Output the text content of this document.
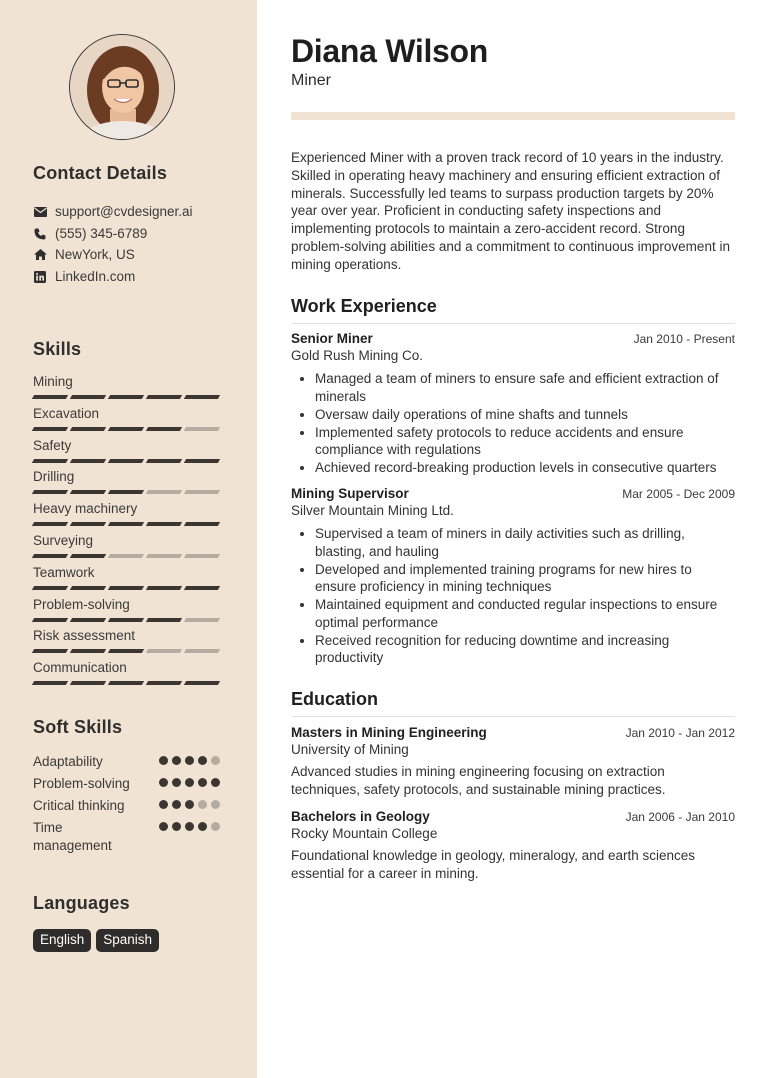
Contact Details
support@cvdesigner.ai
(555) 345-6789
NewYork, US
LinkedIn.com
Skills
Mining
Excavation
Safety
Drilling
Heavy machinery
Surveying
Teamwork
Problem-solving
Risk assessment
Communication
Soft Skills
Adaptability
Problem-solving
Critical thinking
Time management
Languages
English	Spanish
Diana Wilson
Miner
Experienced Miner with a proven track record of 10 years in the industry. Skilled in operating heavy machinery and ensuring efficient extraction of minerals. Successfully led teams to surpass production targets by 20% year over year. Proficient in conducting safety inspections and implementing protocols to maintain a zero-accident record. Strong problem-solving abilities and a commitment to continuous improvement in mining operations.
Work Experience
Senior Miner	Jan 2010 - Present
Gold Rush Mining Co.
• Managed a team of miners to ensure safe and efficient extraction of minerals
• Oversaw daily operations of mine shafts and tunnels
• Implemented safety protocols to reduce accidents and ensure compliance with regulations
• Achieved record-breaking production levels in consecutive quarters
Mining Supervisor	Mar 2005 - Dec 2009
Silver Mountain Mining Ltd.
• Supervised a team of miners in daily activities such as drilling, blasting, and hauling
• Developed and implemented training programs for new hires to ensure proficiency in mining techniques
• Maintained equipment and conducted regular inspections to ensure optimal performance
• Received recognition for reducing downtime and increasing productivity
Education
Masters in Mining Engineering	Jan 2010 - Jan 2012
University of Mining
Advanced studies in mining engineering focusing on extraction techniques, safety protocols, and sustainable mining practices.
Bachelors in Geology	Jan 2006 - Jan 2010
Rocky Mountain College
Foundational knowledge in geology, mineralogy, and earth sciences essential for a career in mining.
